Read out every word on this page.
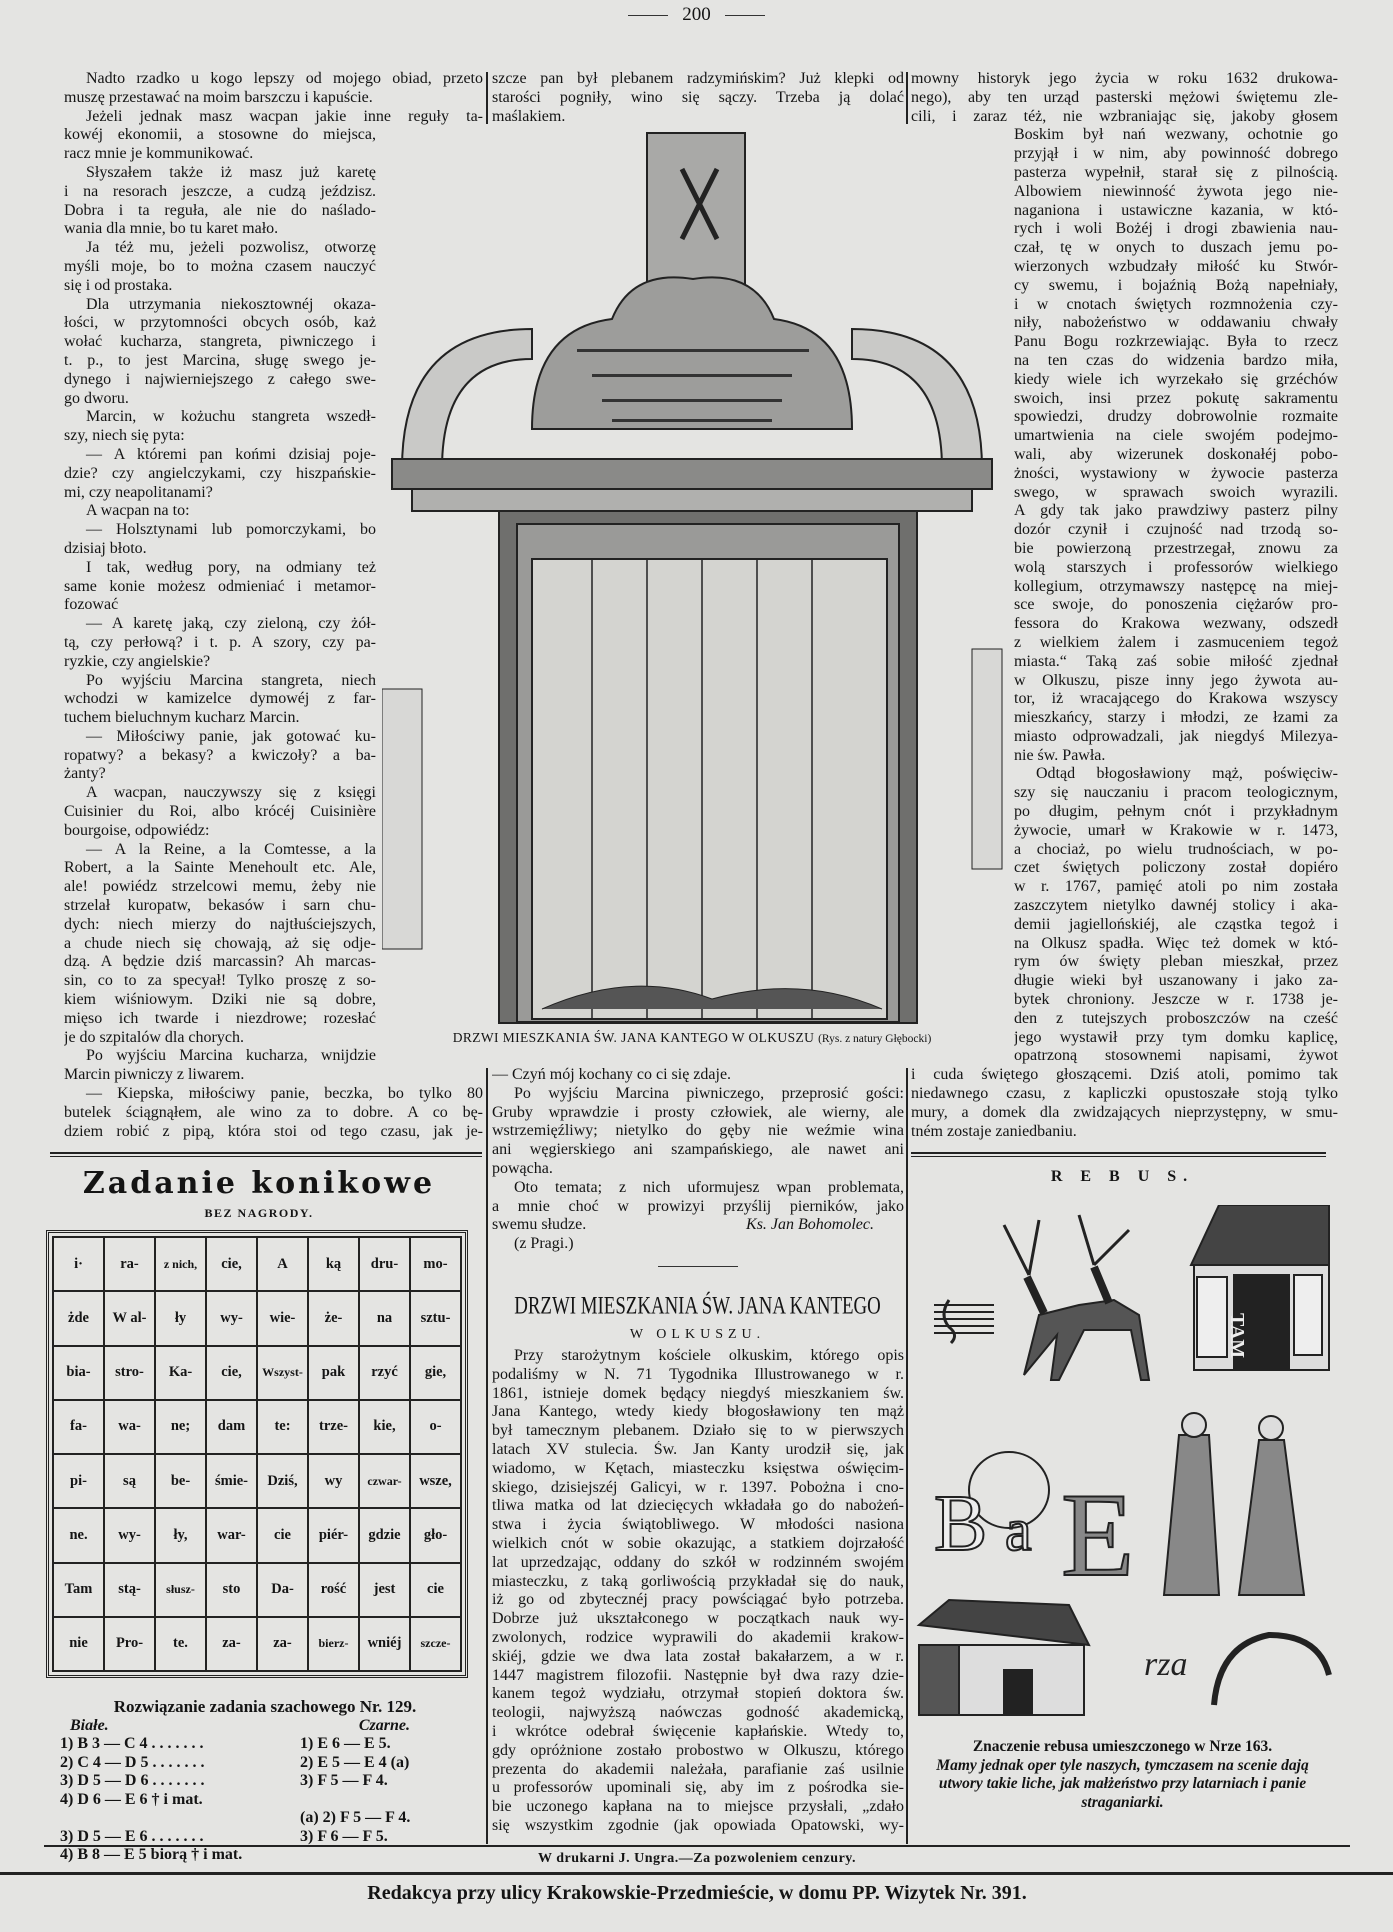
200
Nadto rzadko u kogo lepszy od mojego obiad, przeto
muszę przestawać na moim barszczu i kapuście.
Jeżeli jednak masz wacpan jakie inne reguły ta-
kowéj ekonomii, a stosowne do miejsca,
racz mnie je kommunikować.
Słyszałem także iż masz już karetę
i na resorach jeszcze, a cudzą jeździsz.
Dobra i ta reguła, ale nie do naślado-
wania dla mnie, bo tu karet mało.
Ja téż mu, jeżeli pozwolisz, otworzę
myśli moje, bo to można czasem nauczyć
się i od prostaka.
Dla utrzymania niekosztownéj okaza-
łości, w przytomności obcych osób, każ
wołać kucharza, stangreta, piwniczego i
t. p., to jest Marcina, sługę swego je-
dynego i najwierniejszego z całego swe-
go dworu.
Marcin, w kożuchu stangreta wszedł-
szy, niech się pyta:
— A któremi pan końmi dzisiaj poje-
dzie? czy angielczykami, czy hiszpańskie-
mi, czy neapolitanami?
A wacpan na to:
— Holsztynami lub pomorczykami, bo
dzisiaj błoto.
I tak, według pory, na odmiany też
same konie możesz odmieniać i metamor-
fozować
— A karetę jaką, czy zieloną, czy żół-
tą, czy perłową? i t. p. A szory, czy pa-
ryzkie, czy angielskie?
Po wyjściu Marcina stangreta, niech
wchodzi w kamizelce dymowéj z far-
tuchem bieluchnym kucharz Marcin.
— Miłościwy panie, jak gotować ku-
ropatwy? a bekasy? a kwiczoły? a ba-
żanty?
A wacpan, nauczywszy się z księgi
Cuisinier du Roi, albo krócéj Cuisinière
bourgoise, odpowiédz:
— A la Reine, a la Comtesse, a la
Robert, a la Sainte Menehoult etc. Ale,
ale! powiédz strzelcowi memu, żeby nie
strzelał kuropatw, bekasów i sarn chu-
dych: niech mierzy do najtłuściejszych,
a chude niech się chowają, aż się odje-
dzą. A będzie dziś marcassin? Ah marcas-
sin, co to za specyał! Tylko proszę z so-
kiem wiśniowym. Dziki nie są dobre,
mięso ich twarde i niezdrowe; rozesłać
je do szpitalów dla chorych.
Po wyjściu Marcina kucharza, wnijdzie
Marcin piwniczy z liwarem.
— Kiepska, miłościwy panie, beczka, bo tylko 80
butelek ściągnąłem, ale wino za to dobre. A co bę-
dziem robić z pipą, która stoi od tego czasu, jak je-
szcze pan był plebanem radzymińskim? Już klepki od
starości pogniły, wino się sączy. Trzeba ją dolać
maślakiem.
mowny historyk jego życia w roku 1632 drukowa-
nego), aby ten urząd pasterski mężowi świętemu zle-
cili, i zaraz téż, nie wzbraniając się, jakoby głosem
Boskim był nań wezwany, ochotnie go
przyjął i w nim, aby powinność dobrego
pasterza wypełnił, starał się z pilnością.
Albowiem niewinność żywota jego nie-
naganiona i ustawiczne kazania, w któ-
rych i woli Bożéj i drogi zbawienia nau-
czał, tę w onych to duszach jemu po-
wierzonych wzbudzały miłość ku Stwór-
cy swemu, i bojaźnią Bożą napełniały,
i w cnotach świętych rozmnożenia czy-
niły, nabożeństwo w oddawaniu chwały
Panu Bogu rozkrzewiając. Była to rzecz
na ten czas do widzenia bardzo miła,
kiedy wiele ich wyrzekało się grzéchów
swoich, insi przez pokutę sakramentu
spowiedzi, drudzy dobrowolnie rozmaite
umartwienia na ciele swojém podejmo-
wali, aby wizerunek doskonałéj pobo-
żności, wystawiony w żywocie pasterza
swego, w sprawach swoich wyrazili.
A gdy tak jako prawdziwy pasterz pilny
dozór czynił i czujność nad trzodą so-
bie powierzoną przestrzegał, znowu za
wolą starszych i professorów wielkiego
kollegium, otrzymawszy następcę na miej-
sce swoje, do ponoszenia ciężarów pro-
fessora do Krakowa wezwany, odszedł
z wielkiem żalem i zasmuceniem tegoż
miasta.“ Taką zaś sobie miłość zjednał
w Olkuszu, pisze inny jego żywota au-
tor, iż wracającego do Krakowa wszyscy
mieszkańcy, starzy i młodzi, ze łzami za
miasto odprowadzali, jak niegdyś Milezya-
nie św. Pawła.
Odtąd błogosławiony mąż, poświęciw-
szy się nauczaniu i pracom teologicznym,
po długim, pełnym cnót i przykładnym
żywocie, umarł w Krakowie w r. 1473,
a chociaż, po wielu trudnościach, w po-
czet świętych policzony został dopiéro
w r. 1767, pamięć atoli po nim została
zaszczytem nietylko dawnéj stolicy i aka-
demii jagiellońskiéj, ale cząstka tegoż i
na Olkusz spadła. Więc też domek w któ-
rym ów święty pleban mieszkał, przez
długie wieki był uszanowany i jako za-
bytek chroniony. Jeszcze w r. 1738 je-
den z tutejszych proboszczów na cześć
jego wystawił przy tym domku kaplicę,
opatrzoną stosownemi napisami, żywot
i cuda świętego głoszącemi. Dziś atoli, pomimo tak
niedawnego czasu, z kapliczki opustoszałe stoją tylko
mury, a domek dla zwidzających nieprzystępny, w smu-
tném zostaje zaniedbaniu.
DRZWI MIESZKANIA ŚW. JANA KANTEGO W OLKUSZU (Rys. z natury Głębocki)
— Czyń mój kochany co ci się zdaje.
Po wyjściu Marcina piwniczego, przeprosić gości:
Gruby wprawdzie i prosty człowiek, ale wierny, ale
wstrzemięźliwy; nietylko do gęby nie weźmie wina
ani węgierskiego ani szampańskiego, ale nawet ani
powącha.
Oto temata; z nich uformujesz wpan problemata,
a mnie choć w prowizyi przyślij pierników, jako
swemu słudze.	Ks. Jan Bohomolec.
(z Pragi.)
DRZWI MIESZKANIA ŚW. JANA KANTEGO
W OLKUSZU.
Przy starożytnym kościele olkuskim, którego opis
podaliśmy w N. 71 Tygodnika Illustrowanego w r.
1861, istnieje domek będący niegdyś mieszkaniem św.
Jana Kantego, wtedy kiedy błogosławiony ten mąż
był tamecznym plebanem. Działo się to w pierwszych
latach XV stulecia. Św. Jan Kanty urodził się, jak
wiadomo, w Kętach, miasteczku księstwa oświęcim-
skiego, dzisiejszéj Galicyi, w r. 1397. Pobożna i cno-
tliwa matka od lat dziecięcych wkładała go do nabożeń-
stwa i życia świątobliwego. W młodości nasiona
wielkich cnót w sobie okazując, a statkiem dojrzałość
lat uprzedzając, oddany do szkół w rodzinném swojém
miasteczku, z taką gorliwością przykładał się do nauk,
iż go od zbytecznéj pracy powściągać było potrzeba.
Dobrze już ukształconego w początkach nauk wy-
zwolonych, rodzice wyprawili do akademii krakow-
skiéj, gdzie we dwa lata został bakałarzem, a w r.
1447 magistrem filozofii. Następnie był dwa razy dzie-
kanem tegoż wydziału, otrzymał stopień doktora św.
teologii, najwyższą naówczas godność akademicką,
i wkrótce odebrał święcenie kapłańskie. Wtedy to,
gdy opróżnione zostało probostwo w Olkuszu, którego
prezenta do akademii należała, parafianie zaś usilnie
u professorów upominali się, aby im z pośrodka sie-
bie uczonego kapłana na to miejsce przysłali, „zdało
się wszystkim zgodnie (jak opowiada Opatowski, wy-
Zadanie konikowe
BEZ NAGRODY.
i·	ra-	z nich,	cie,	A	ką	dru-	mo-
żde	W al-	ły	wy-	wie-	że-	na	sztu-
bia-	stro-	Ka-	cie,	Wszyst-	pak	rzyć	gie,
fa-	wa-	ne;	dam	te:	trze-	kie,	o-
pi-	są	be-	śmie-	Dziś,	wy	czwar-	wsze,
ne.	wy-	ły,	war-	cie	piér-	gdzie	gło-
Tam	stą-	słusz-	sto	Da-	rość	jest	cie
nie	Pro-	te.	za-	za-	bierz-	wniéj	szcze-
Rozwiązanie zadania szachowego Nr. 129.
Białe.	Czarne.
1) B 3 — C 4 . . . . . . .	1) E 6 — E 5.
2) C 4 — D 5 . . . . . . .	2) E 5 — E 4 (a)
3) D 5 — D 6 . . . . . . .	3) F 5 — F 4.
4) D 6 — E 6 † i mat.

(a) 2) F 5 — F 4.
3) D 5 — E 6 . . . . . . .	3) F 6 — F 5.
4) B 8 — E 5 biorą † i mat.

R E B U S.
TAM
B a E
rza
Znaczenie rebusa umieszczonego w Nrze 163.
Mamy jednak oper tyle naszych, tymczasem na scenie dają utwory takie liche, jak małżeństwo przy latarniach i panie straganiarki.
W drukarni J. Ungra.—Za pozwoleniem cenzury.
Redakcya przy ulicy Krakowskie-Przedmieście, w domu PP. Wizytek Nr. 391.
